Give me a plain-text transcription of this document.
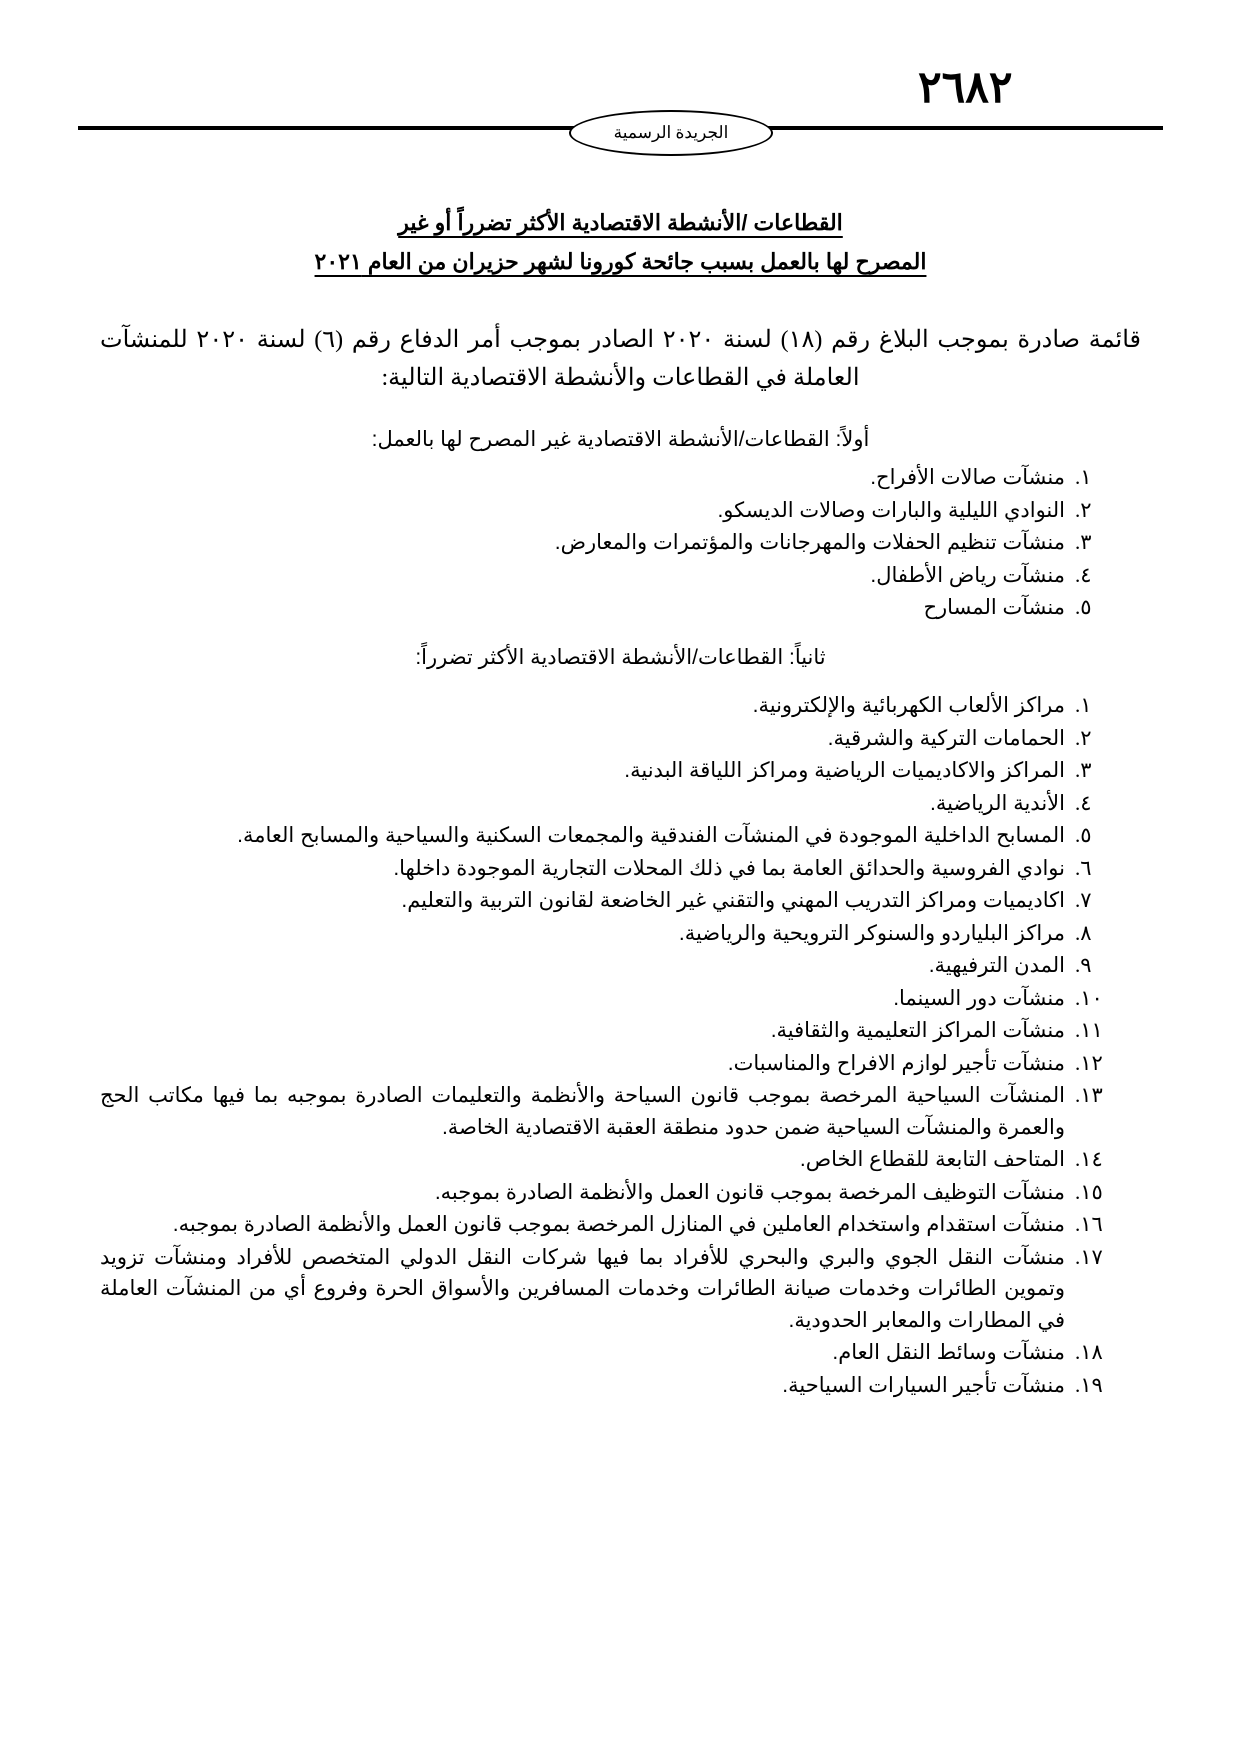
٢٦٨٢
الجريدة الرسمية
القطاعات /الأنشطة الاقتصادية الأكثر تضرراً أو غير
المصرح لها بالعمل بسبب جائحة كورونا لشهر حزيران من العام ٢٠٢١

قائمة صادرة بموجب البلاغ رقم (١٨) لسنة ٢٠٢٠ الصادر بموجب أمر الدفاع رقم (٦) لسنة ٢٠٢٠ للمنشآت العاملة في القطاعات والأنشطة الاقتصادية التالية:

أولاً: القطاعات/الأنشطة الاقتصادية غير المصرح لها بالعمل:
١.
منشآت صالات الأفراح.
٢.
النوادي الليلية والبارات وصالات الديسكو.
٣.
منشآت تنظيم الحفلات والمهرجانات والمؤتمرات والمعارض.
٤.
منشآت رياض الأطفال.
٥.
منشآت المسارح
ثانياً: القطاعات/الأنشطة الاقتصادية الأكثر تضرراً:
١.
مراكز الألعاب الكهربائية والإلكترونية.
٢.
الحمامات التركية والشرقية.
٣.
المراكز والاكاديميات الرياضية ومراكز اللياقة البدنية.
٤.
الأندية الرياضية.
٥.
المسابح الداخلية الموجودة في المنشآت الفندقية والمجمعات السكنية والسياحية والمسابح العامة.
٦.
نوادي الفروسية والحدائق العامة بما في ذلك المحلات التجارية الموجودة داخلها.
٧.
اكاديميات ومراكز التدريب المهني والتقني غير الخاضعة لقانون التربية والتعليم.
٨.
مراكز البلياردو والسنوكر الترويحية والرياضية.
٩.
المدن الترفيهية.
١٠.
منشآت دور السينما.
١١.
منشآت المراكز التعليمية والثقافية.
١٢.
منشآت تأجير لوازم الافراح والمناسبات.
١٣.
المنشآت السياحية المرخصة بموجب قانون السياحة والأنظمة والتعليمات الصادرة بموجبه بما فيها مكاتب الحج والعمرة والمنشآت السياحية ضمن حدود منطقة العقبة الاقتصادية الخاصة.
١٤.
المتاحف التابعة للقطاع الخاص.
١٥.
منشآت التوظيف المرخصة بموجب قانون العمل والأنظمة الصادرة بموجبه.
١٦.
منشآت استقدام واستخدام العاملين في المنازل المرخصة بموجب قانون العمل والأنظمة الصادرة بموجبه.
١٧.
منشآت النقل الجوي والبري والبحري للأفراد بما فيها شركات النقل الدولي المتخصص للأفراد ومنشآت تزويد وتموين الطائرات وخدمات صيانة الطائرات وخدمات المسافرين والأسواق الحرة وفروع أي من المنشآت العاملة في المطارات والمعابر الحدودية.
١٨.
منشآت وسائط النقل العام.
١٩.
منشآت تأجير السيارات السياحية.
